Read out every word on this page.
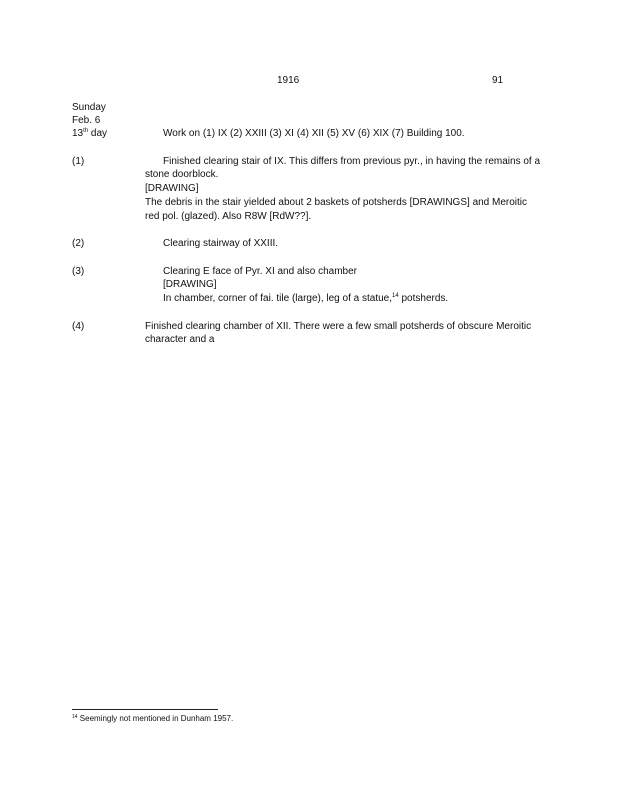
1916	91
Sunday
Feb. 6
13th day	Work on (1) IX (2) XXIII (3) XI (4) XII (5) XV (6) XIX (7) Building 100.
(1)	Finished clearing stair of IX. This differs from previous pyr., in having the remains of a
stone doorblock.
[DRAWING]
The debris in the stair yielded about 2 baskets of potsherds [DRAWINGS] and Meroitic
red pol. (glazed). Also R8W [RdW??].
(2)	Clearing stairway of XXIII.
(3)	Clearing E face of Pyr. XI and also chamber
[DRAWING]
In chamber, corner of fai. tile (large), leg of a statue,$^{14}$ potsherds.
(4)	Finished clearing chamber of XII. There were a few small potsherds of obscure Meroitic
character and a
$^{14}$ Seemingly not mentioned in Dunham 1957.
